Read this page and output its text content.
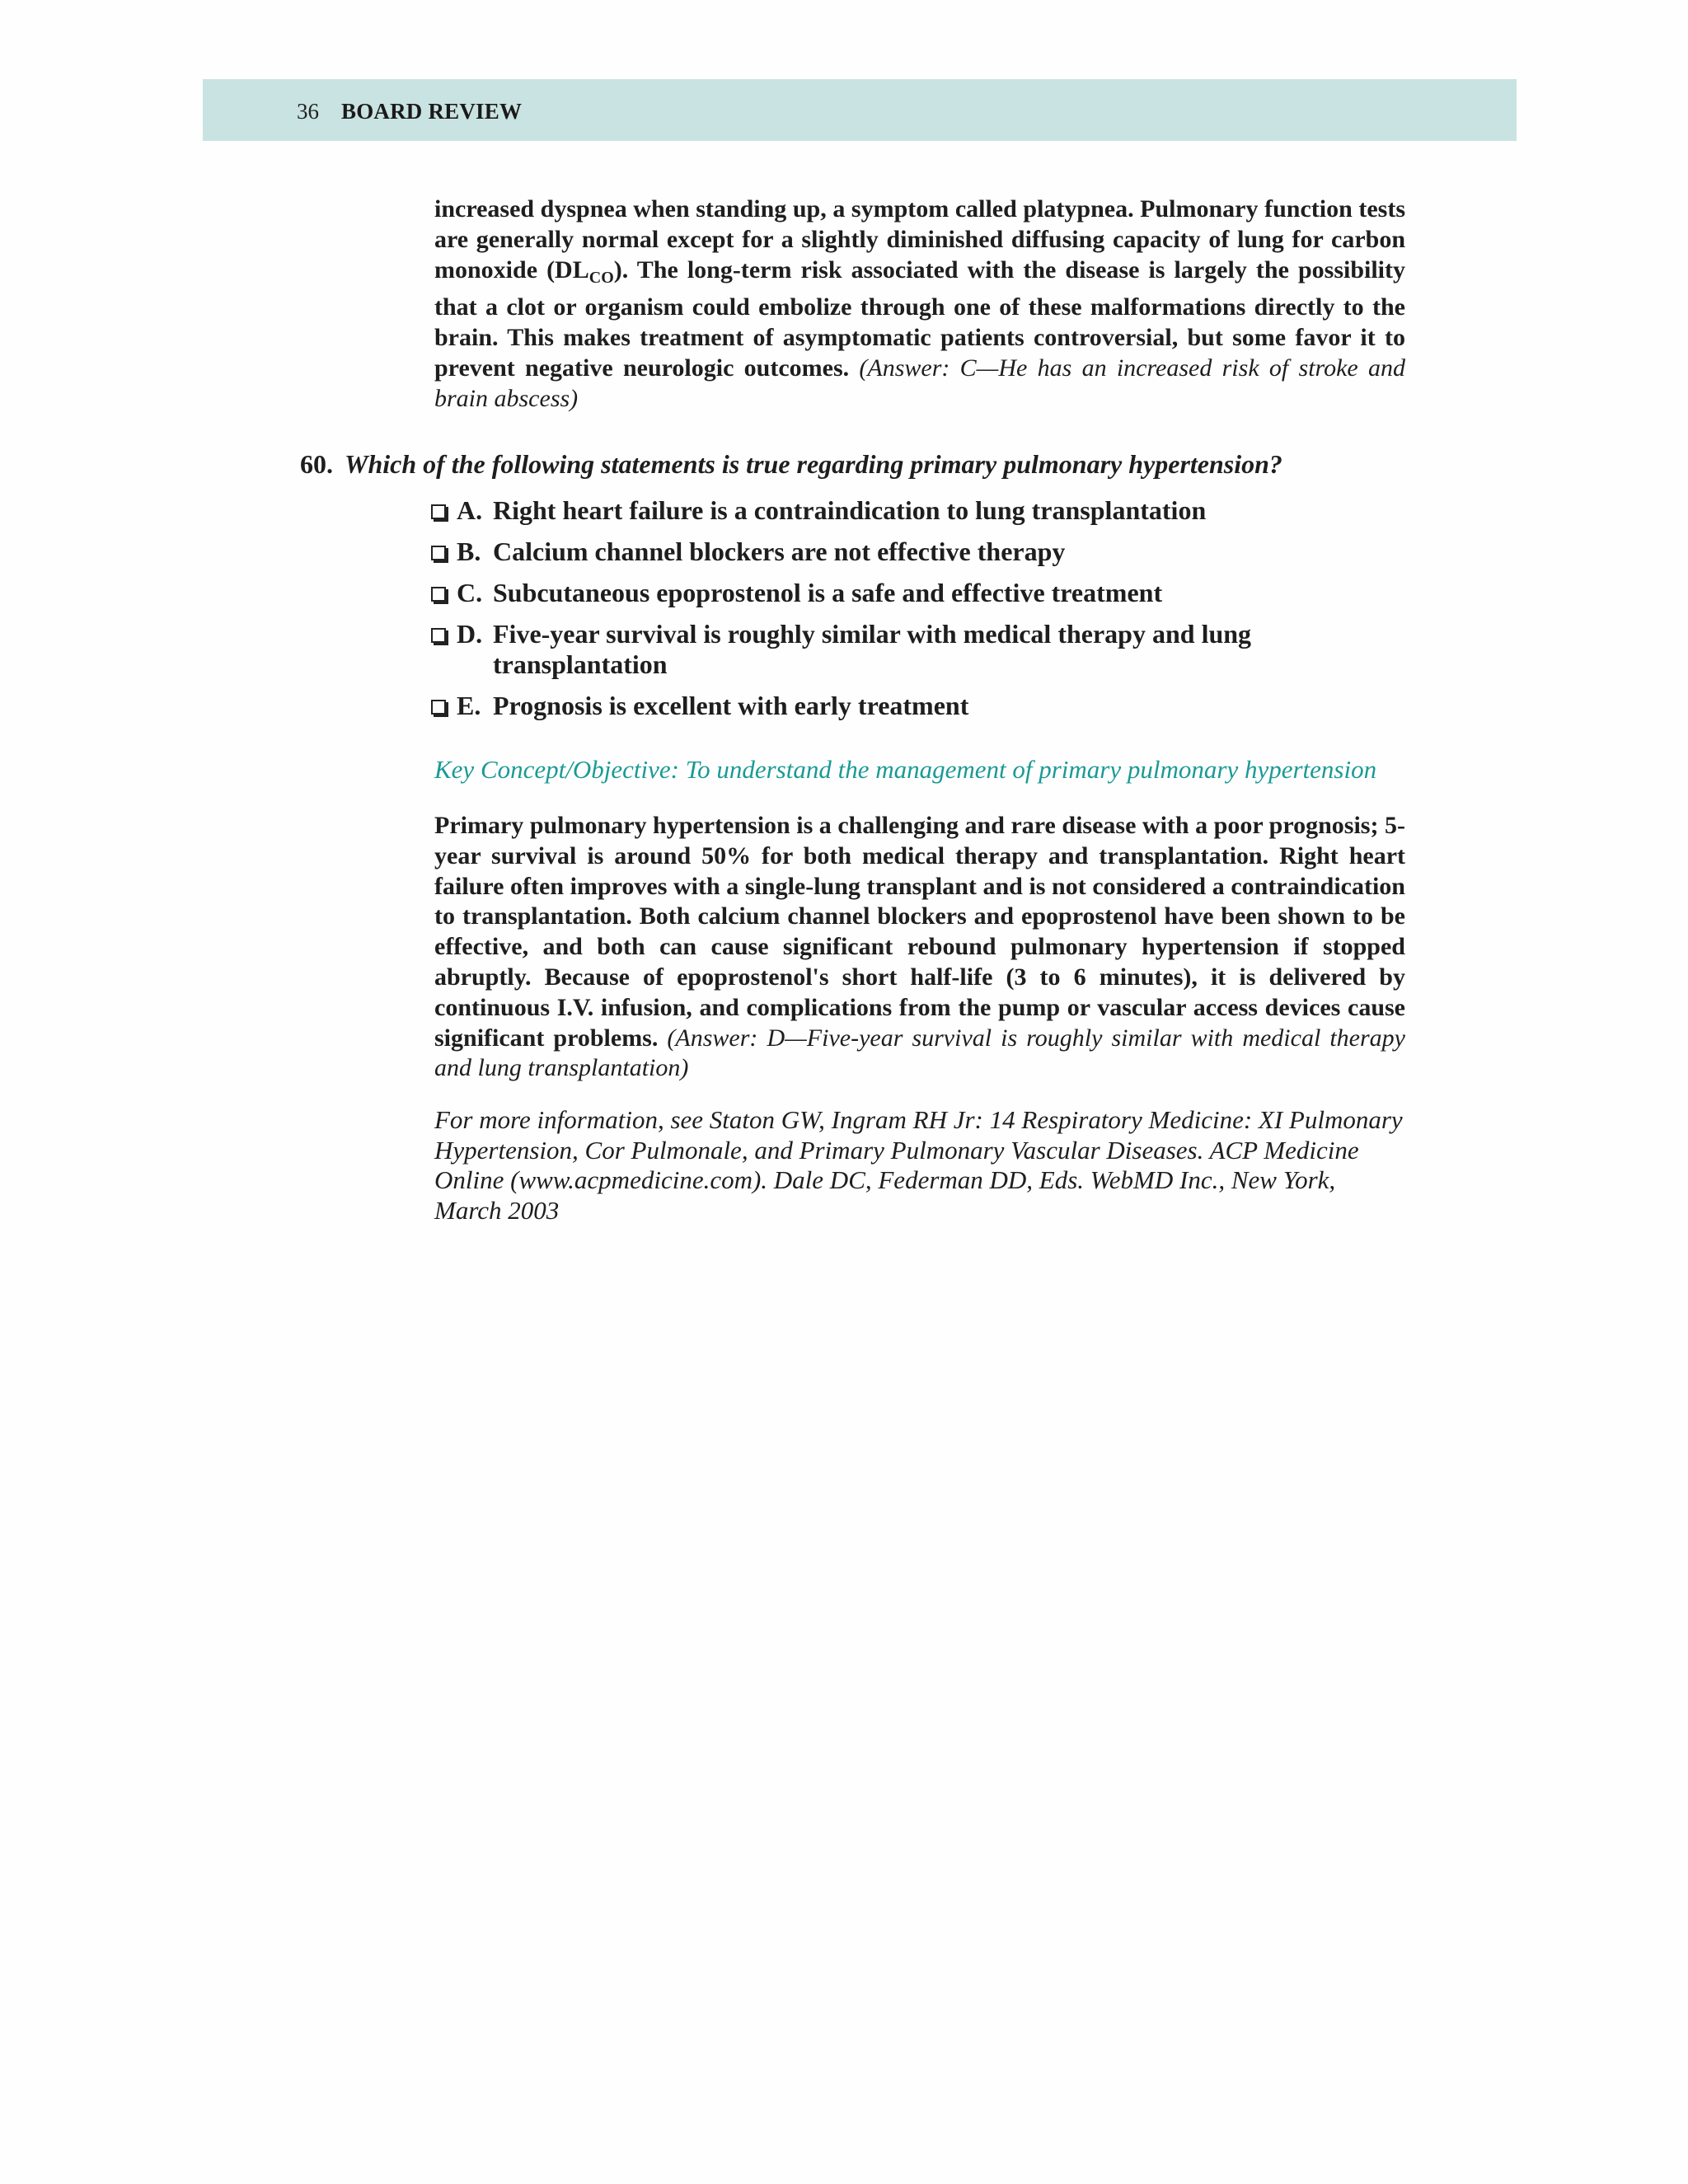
36 BOARD REVIEW

increased dyspnea when standing up, a symptom called platypnea. Pulmonary function tests are generally normal except for a slightly diminished diffusing capacity of lung for carbon monoxide $(DL_{CO})$. The long-term risk associated with the disease is largely the possibility that a clot or organism could embolize through one of these malformations directly to the brain. This makes treatment of asymptomatic patients controversial, but some favor it to prevent negative neurologic outcomes. (Answer: C—He has an increased risk of stroke and brain abscess)

60. Which of the following statements is true regarding primary pulmonary hypertension?

A. Right heart failure is a contraindication to lung transplantation
B. Calcium channel blockers are not effective therapy
C. Subcutaneous epoprostenol is a safe and effective treatment
D. Five-year survival is roughly similar with medical therapy and lung transplantation
E. Prognosis is excellent with early treatment

Key Concept/Objective: To understand the management of primary pulmonary hypertension

Primary pulmonary hypertension is a challenging and rare disease with a poor prognosis; 5-year survival is around 50% for both medical therapy and transplantation. Right heart failure often improves with a single-lung transplant and is not considered a contraindication to transplantation. Both calcium channel blockers and epoprostenol have been shown to be effective, and both can cause significant rebound pulmonary hypertension if stopped abruptly. Because of epoprostenol's short half-life (3 to 6 minutes), it is delivered by continuous I.V. infusion, and complications from the pump or vascular access devices cause significant problems. (Answer: D—Five-year survival is roughly similar with medical therapy and lung transplantation)

For more information, see Staton GW, Ingram RH Jr: 14 Respiratory Medicine: XI Pulmonary Hypertension, Cor Pulmonale, and Primary Pulmonary Vascular Diseases. ACP Medicine Online (www.acpmedicine.com). Dale DC, Federman DD, Eds. WebMD Inc., New York, March 2003
